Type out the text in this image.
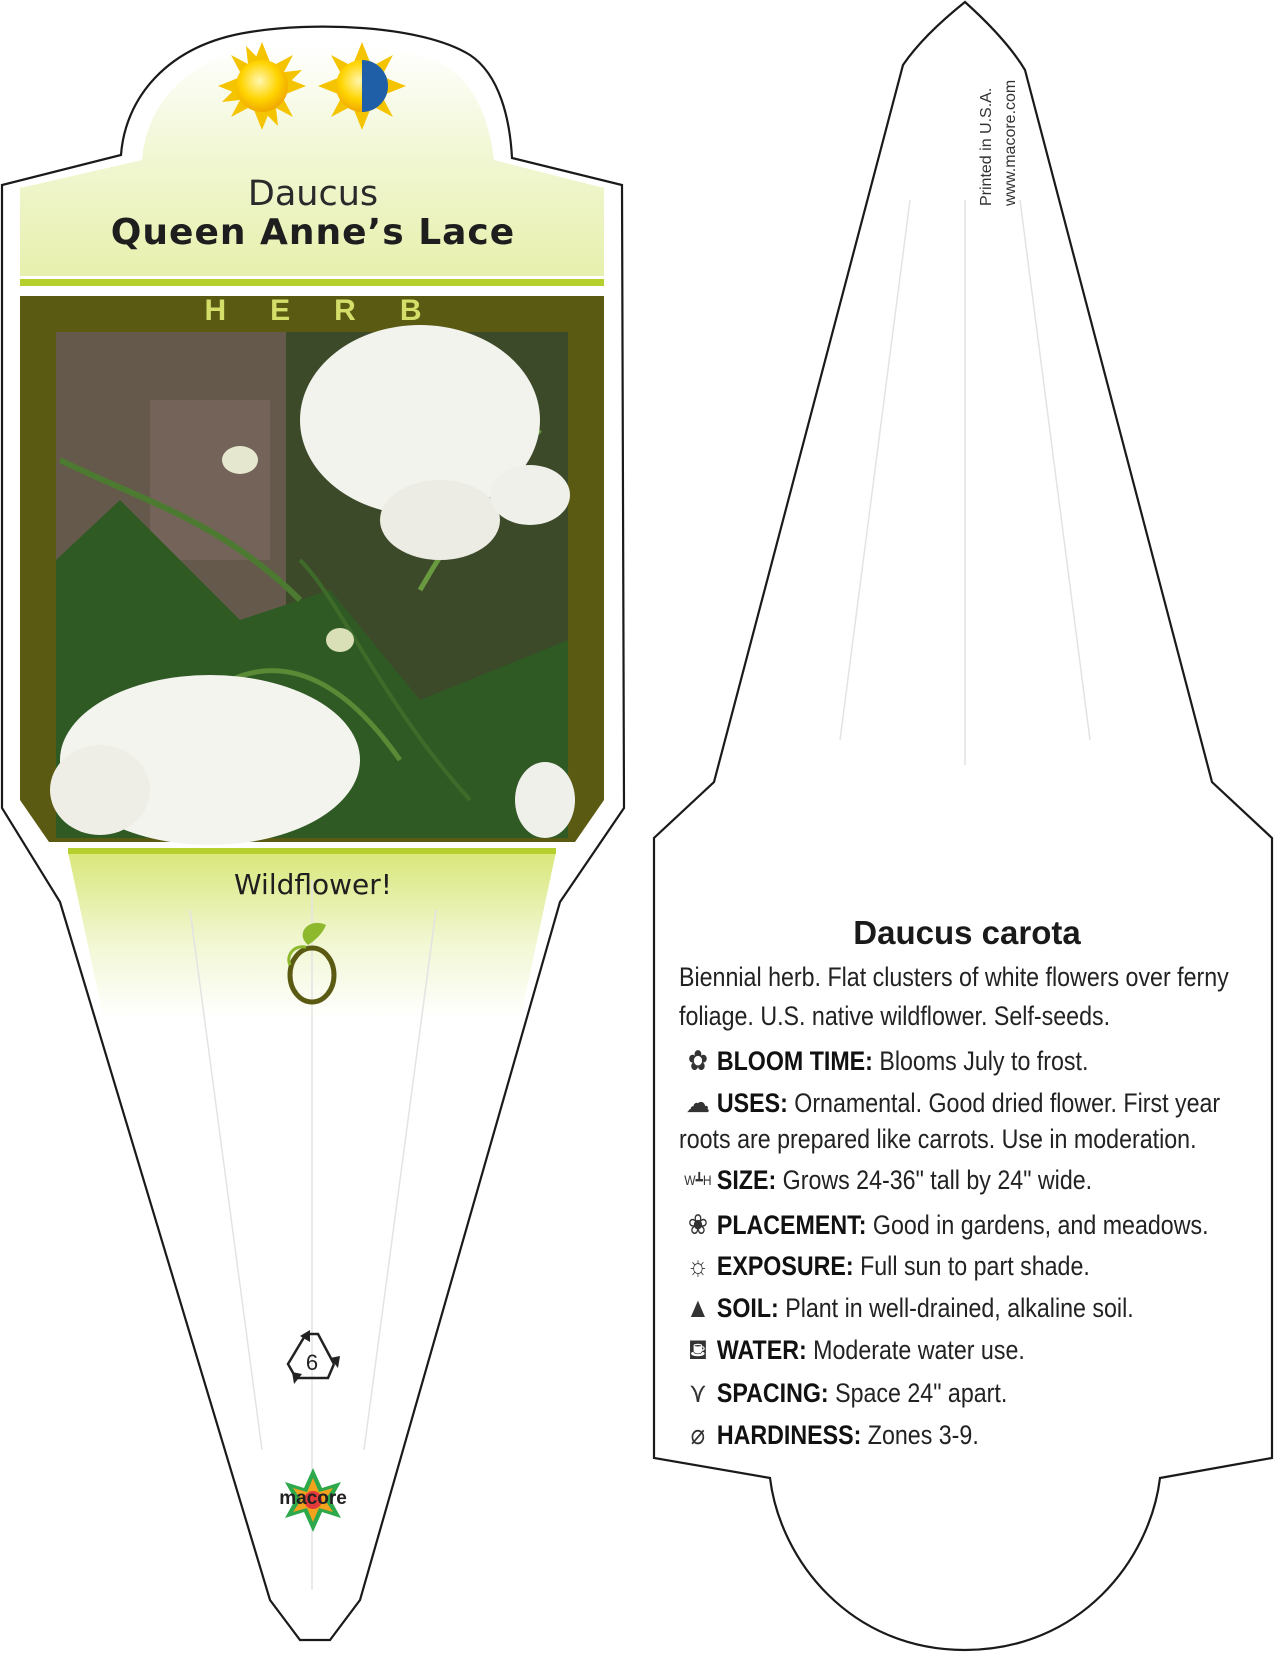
6
Daucus
Queen Anne’s Lace
HERB
Wildflower!
macore
Printed in U.S.A. www.macore.com
Daucus carota
Biennial herb. Flat clusters of white flowers over ferny
foliage. U.S. native wildflower. Self-seeds.
✿ BLOOM TIME: Blooms July to frost.
☁ USES: Ornamental. Good dried flower. First year
roots are prepared like carrots. Use in moderation.
W┻H SIZE: Grows 24-36" tall by 24" wide.
❀ PLACEMENT: Good in gardens, and meadows.
☼ EXPOSURE: Full sun to part shade.
▲ SOIL: Plant in well-drained, alkaline soil.
⛾ WATER: Moderate water use.
⋎ SPACING: Space 24" apart.
⌀ HARDINESS: Zones 3-9.
